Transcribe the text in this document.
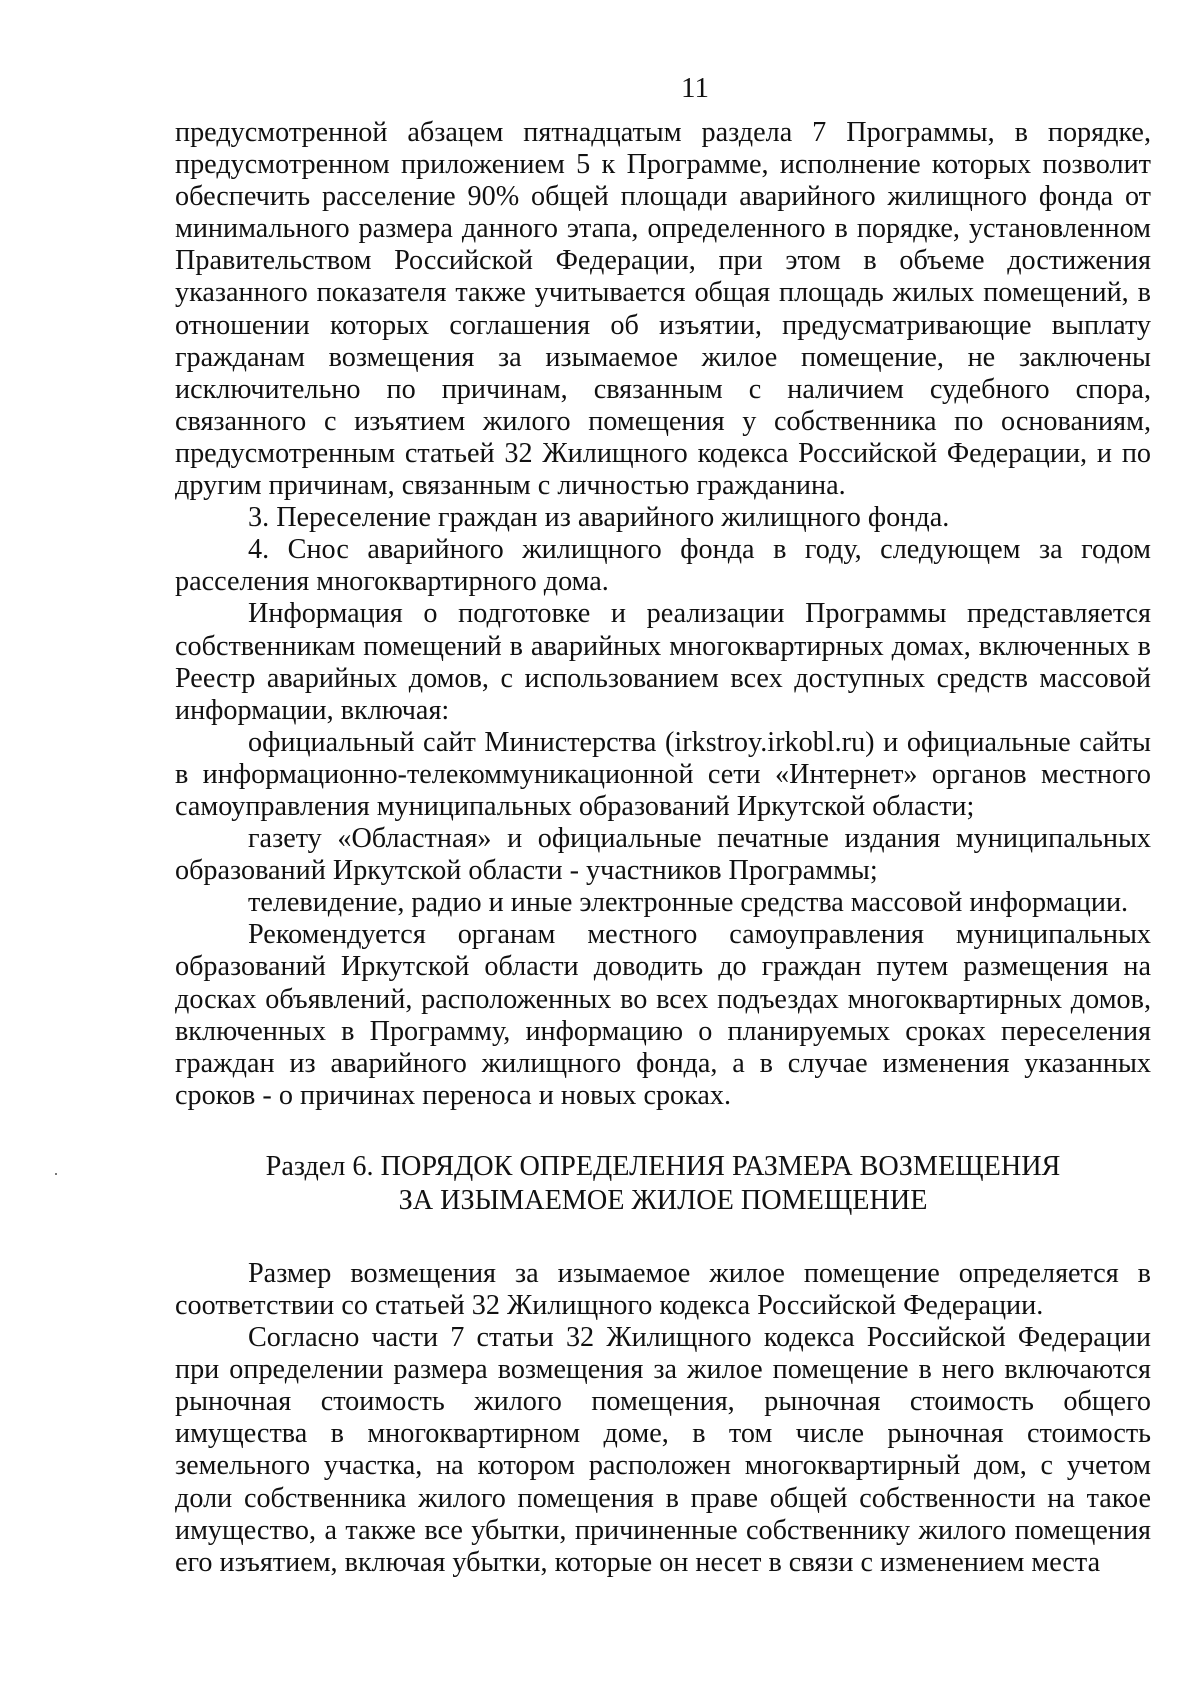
11

предусмотренной абзацем пятнадцатым раздела 7 Программы, в порядке, предусмотренном приложением 5 к Программе, исполнение которых позволит обеспечить расселение 90% общей площади аварийного жилищного фонда от минимального размера данного этапа, определенного в порядке, установленном Правительством Российской Федерации, при этом в объеме достижения указанного показателя также учитывается общая площадь жилых помещений, в отношении которых соглашения об изъятии, предусматривающие выплату гражданам возмещения за изымаемое жилое помещение, не заключены исключительно по причинам, связанным с наличием судебного спора, связанного с изъятием жилого помещения у собственника по основаниям, предусмотренным статьей 32 Жилищного кодекса Российской Федерации, и по другим причинам, связанным с личностью гражданина.

3. Переселение граждан из аварийного жилищного фонда.

4. Снос аварийного жилищного фонда в году, следующем за годом расселения многоквартирного дома.

Информация о подготовке и реализации Программы представляется собственникам помещений в аварийных многоквартирных домах, включенных в Реестр аварийных домов, с использованием всех доступных средств массовой информации, включая:

официальный сайт Министерства (irkstroy.irkobl.ru) и официальные сайты в информационно-телекоммуникационной сети «Интернет» органов местного самоуправления муниципальных образований Иркутской области;

газету «Областная» и официальные печатные издания муниципальных образований Иркутской области - участников Программы;

телевидение, радио и иные электронные средства массовой информации.

Рекомендуется органам местного самоуправления муниципальных образований Иркутской области доводить до граждан путем размещения на досках объявлений, расположенных во всех подъездах многоквартирных домов, включенных в Программу, информацию о планируемых сроках переселения граждан из аварийного жилищного фонда, а в случае изменения указанных сроков - о причинах переноса и новых сроках.

Раздел 6. ПОРЯДОК ОПРЕДЕЛЕНИЯ РАЗМЕРА ВОЗМЕЩЕНИЯ

ЗА ИЗЫМАЕМОЕ ЖИЛОЕ ПОМЕЩЕНИЕ

Размер возмещения за изымаемое жилое помещение определяется в соответствии со статьей 32 Жилищного кодекса Российской Федерации.

Согласно части 7 статьи 32 Жилищного кодекса Российской Федерации при определении размера возмещения за жилое помещение в него включаются рыночная стоимость жилого помещения, рыночная стоимость общего имущества в многоквартирном доме, в том числе рыночная стоимость земельного участка, на котором расположен многоквартирный дом, с учетом доли собственника жилого помещения в праве общей собственности на такое имущество, а также все убытки, причиненные собственнику жилого помещения его изъятием, включая убытки, которые он несет в связи с изменением места
